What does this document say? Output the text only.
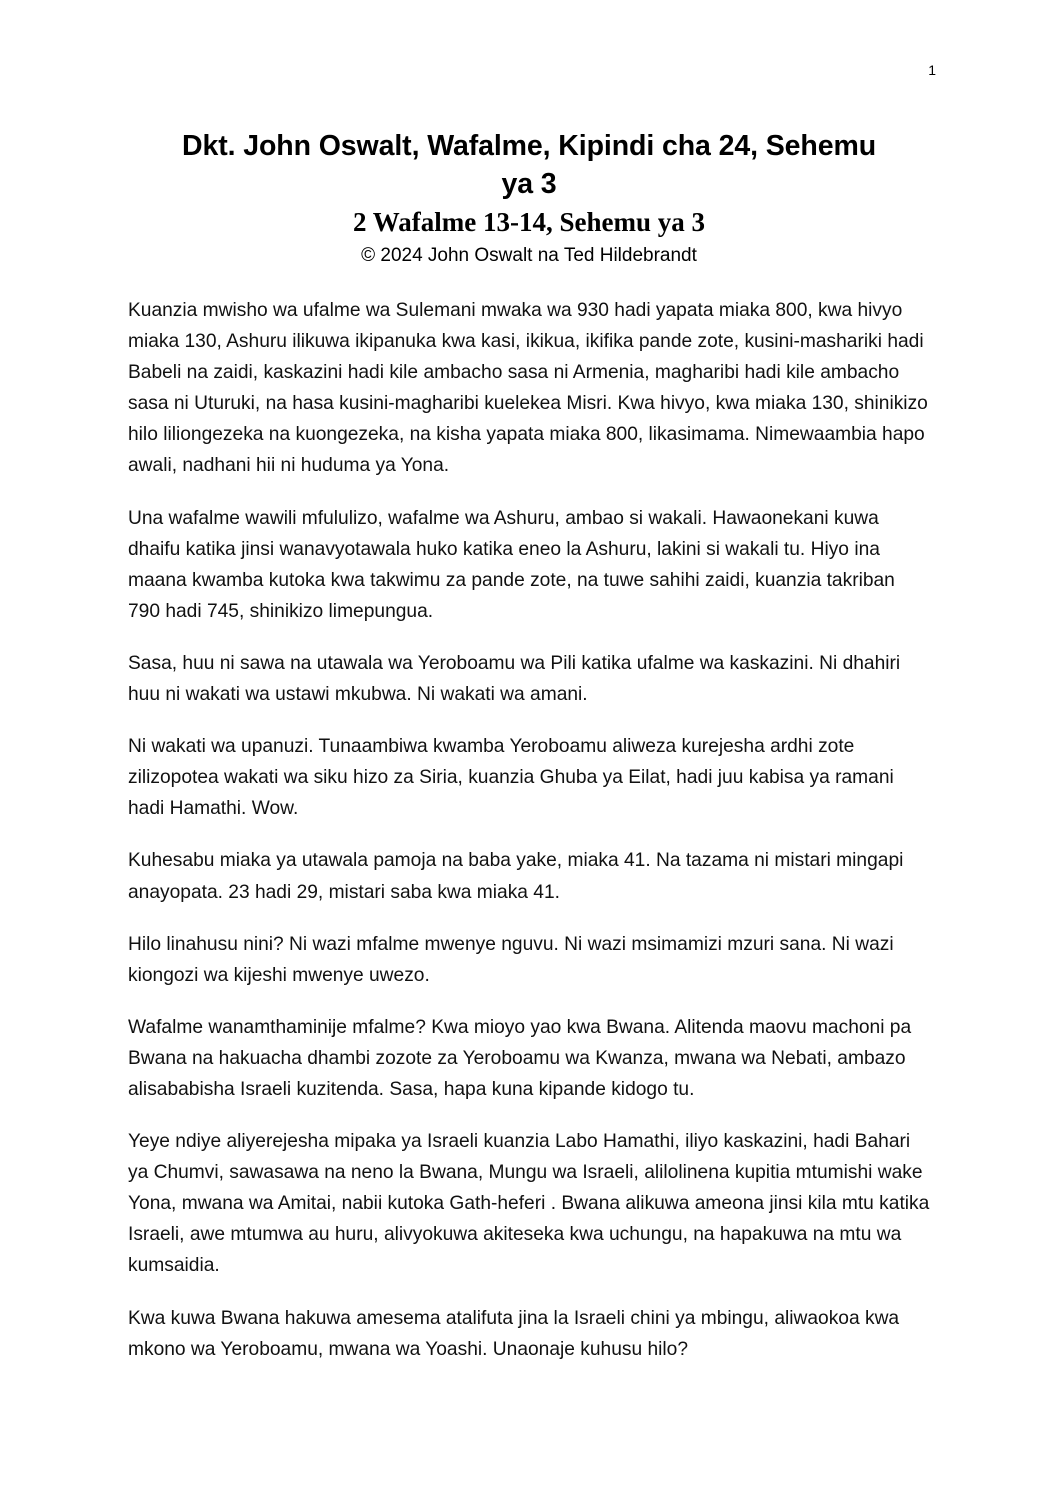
1
Dkt. John Oswalt, Wafalme, Kipindi cha 24, Sehemu
ya 3
2 Wafalme 13-14, Sehemu ya 3
© 2024 John Oswalt na Ted Hildebrandt

Kuanzia mwisho wa ufalme wa Sulemani mwaka wa 930 hadi yapata miaka 800, kwa hivyo miaka 130, Ashuru ilikuwa ikipanuka kwa kasi, ikikua, ikifika pande zote, kusini-mashariki hadi Babeli na zaidi, kaskazini hadi kile ambacho sasa ni Armenia, magharibi hadi kile ambacho sasa ni Uturuki, na hasa kusini-magharibi kuelekea Misri. Kwa hivyo, kwa miaka 130, shinikizo hilo liliongezeka na kuongezeka, na kisha yapata miaka 800, likasimama. Nimewaambia hapo awali, nadhani hii ni huduma ya Yona.

Una wafalme wawili mfululizo, wafalme wa Ashuru, ambao si wakali. Hawaonekani kuwa dhaifu katika jinsi wanavyotawala huko katika eneo la Ashuru, lakini si wakali tu. Hiyo ina maana kwamba kutoka kwa takwimu za pande zote, na tuwe sahihi zaidi, kuanzia takriban 790 hadi 745, shinikizo limepungua.

Sasa, huu ni sawa na utawala wa Yeroboamu wa Pili katika ufalme wa kaskazini. Ni dhahiri huu ni wakati wa ustawi mkubwa. Ni wakati wa amani.

Ni wakati wa upanuzi. Tunaambiwa kwamba Yeroboamu aliweza kurejesha ardhi zote zilizopotea wakati wa siku hizo za Siria, kuanzia Ghuba ya Eilat, hadi juu kabisa ya ramani hadi Hamathi. Wow.

Kuhesabu miaka ya utawala pamoja na baba yake, miaka 41. Na tazama ni mistari mingapi anayopata. 23 hadi 29, mistari saba kwa miaka 41.

Hilo linahusu nini? Ni wazi mfalme mwenye nguvu. Ni wazi msimamizi mzuri sana. Ni wazi kiongozi wa kijeshi mwenye uwezo.

Wafalme wanamthaminije mfalme? Kwa mioyo yao kwa Bwana. Alitenda maovu machoni pa Bwana na hakuacha dhambi zozote za Yeroboamu wa Kwanza, mwana wa Nebati, ambazo alisababisha Israeli kuzitenda. Sasa, hapa kuna kipande kidogo tu.

Yeye ndiye aliyerejesha mipaka ya Israeli kuanzia Labo Hamathi, iliyo kaskazini, hadi Bahari ya Chumvi, sawasawa na neno la Bwana, Mungu wa Israeli, alilolinena kupitia mtumishi wake Yona, mwana wa Amitai, nabii kutoka Gath-heferi . Bwana alikuwa ameona jinsi kila mtu katika Israeli, awe mtumwa au huru, alivyokuwa akiteseka kwa uchungu, na hapakuwa na mtu wa kumsaidia.

Kwa kuwa Bwana hakuwa amesema atalifuta jina la Israeli chini ya mbingu, aliwaokoa kwa mkono wa Yeroboamu, mwana wa Yoashi. Unaonaje kuhusu hilo?
